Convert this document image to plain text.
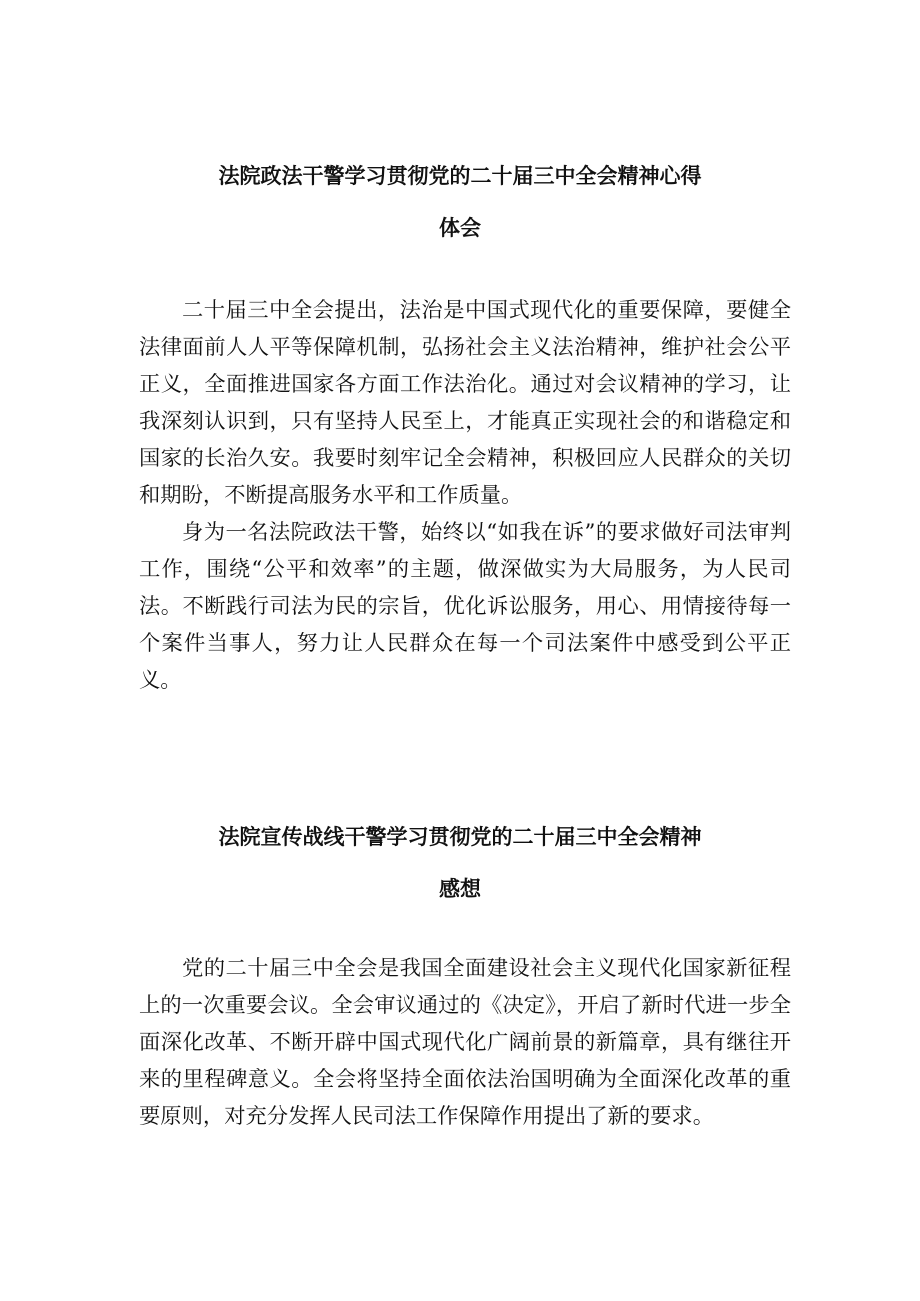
法院政法干警学习贯彻党的二十届三中全会精神心得
体会

二十届三中全会提出，法治是中国式现代化的重要保障，要健全法律面前人人平等保障机制，弘扬社会主义法治精神，维护社会公平正义，全面推进国家各方面工作法治化。通过对会议精神的学习，让我深刻认识到，只有坚持人民至上，才能真正实现社会的和谐稳定和国家的长治久安。我要时刻牢记全会精神，积极回应人民群众的关切和期盼，不断提高服务水平和工作质量。

身为一名法院政法干警，始终以“如我在诉”的要求做好司法审判工作，围绕“公平和效率”的主题，做深做实为大局服务，为人民司法。不断践行司法为民的宗旨，优化诉讼服务，用心、用情接待每一个案件当事人，努力让人民群众在每一个司法案件中感受到公平正义。

法院宣传战线干警学习贯彻党的二十届三中全会精神
感想

党的二十届三中全会是我国全面建设社会主义现代化国家新征程上的一次重要会议。全会审议通过的《决定》，开启了新时代进一步全面深化改革、不断开辟中国式现代化广阔前景的新篇章，具有继往开来的里程碑意义。全会将坚持全面依法治国明确为全面深化改革的重要原则，对充分发挥人民司法工作保障作用提出了新的要求。
